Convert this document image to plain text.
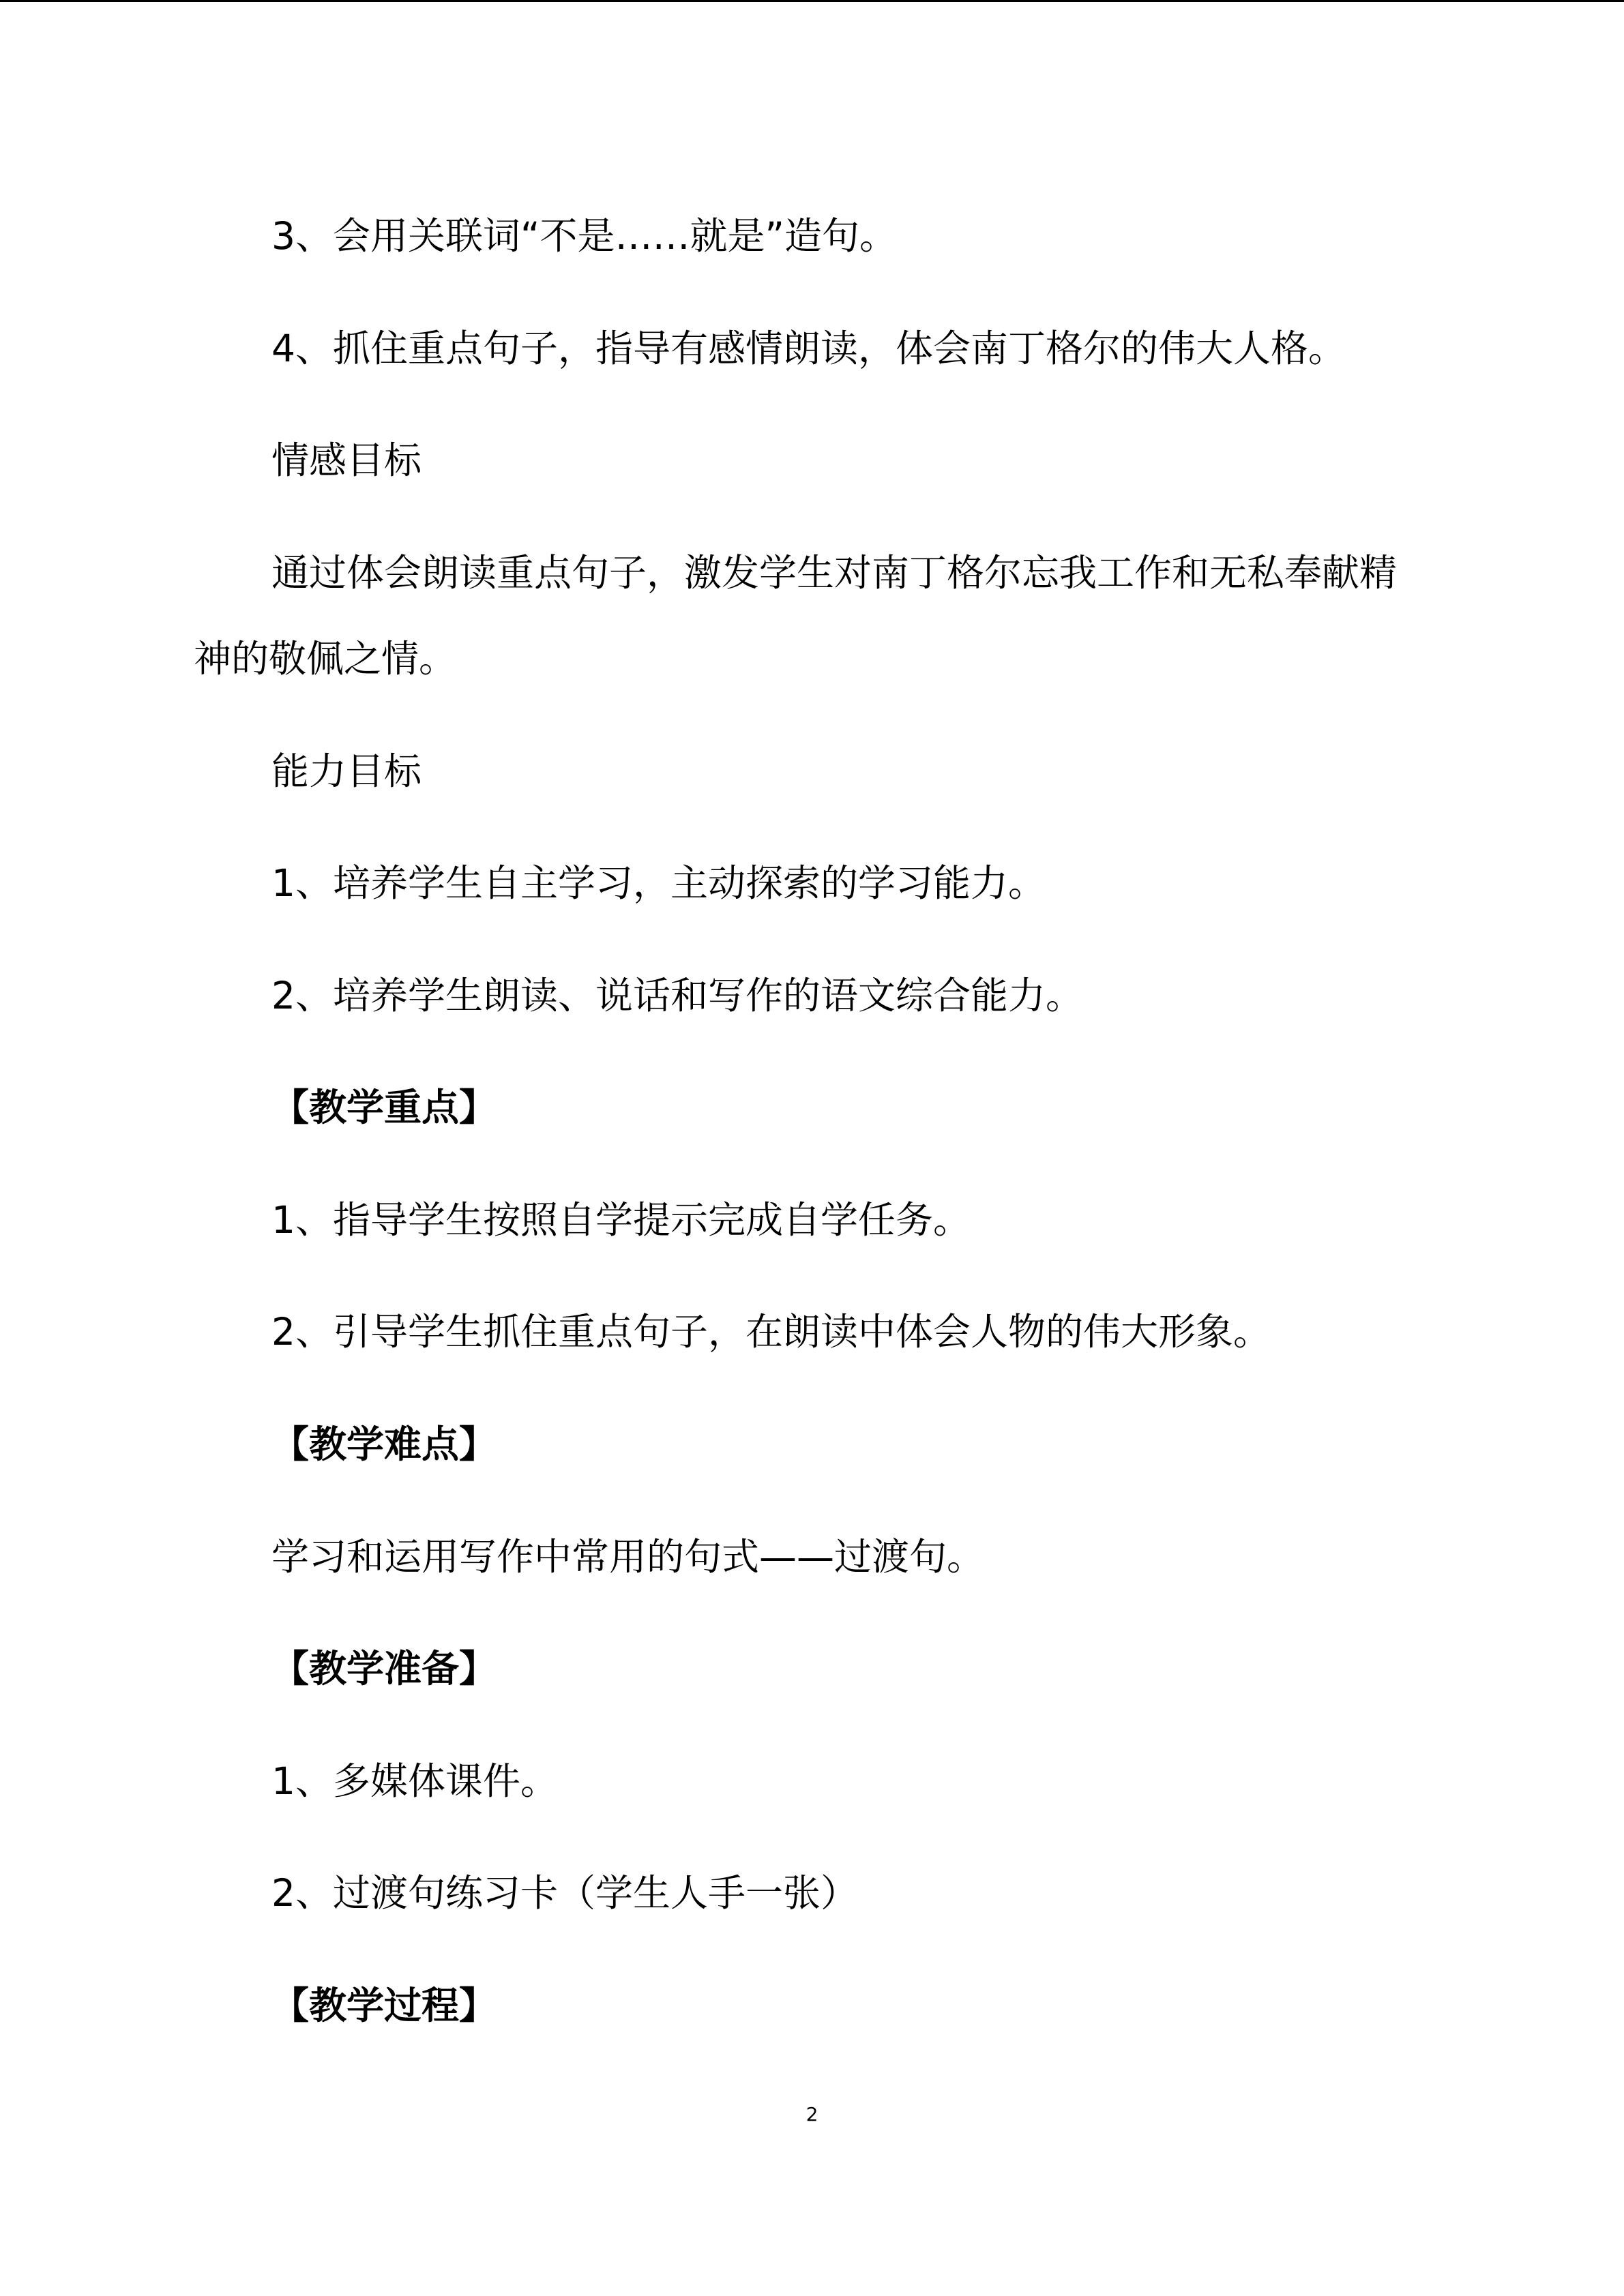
3、会用关联词“不是……就是”造句。
4、抓住重点句子，指导有感情朗读，体会南丁格尔的伟大人格。
情感目标
通过体会朗读重点句子，激发学生对南丁格尔忘我工作和无私奉献精
神的敬佩之情。
能力目标
1、培养学生自主学习，主动探索的学习能力。
2、培养学生朗读、说话和写作的语文综合能力。
【教学重点】
1、指导学生按照自学提示完成自学任务。
2、引导学生抓住重点句子，在朗读中体会人物的伟大形象。
【教学难点】
学习和运用写作中常用的句式——过渡句。
【教学准备】
1、多媒体课件。
2、过渡句练习卡（学生人手一张）
【教学过程】
2
